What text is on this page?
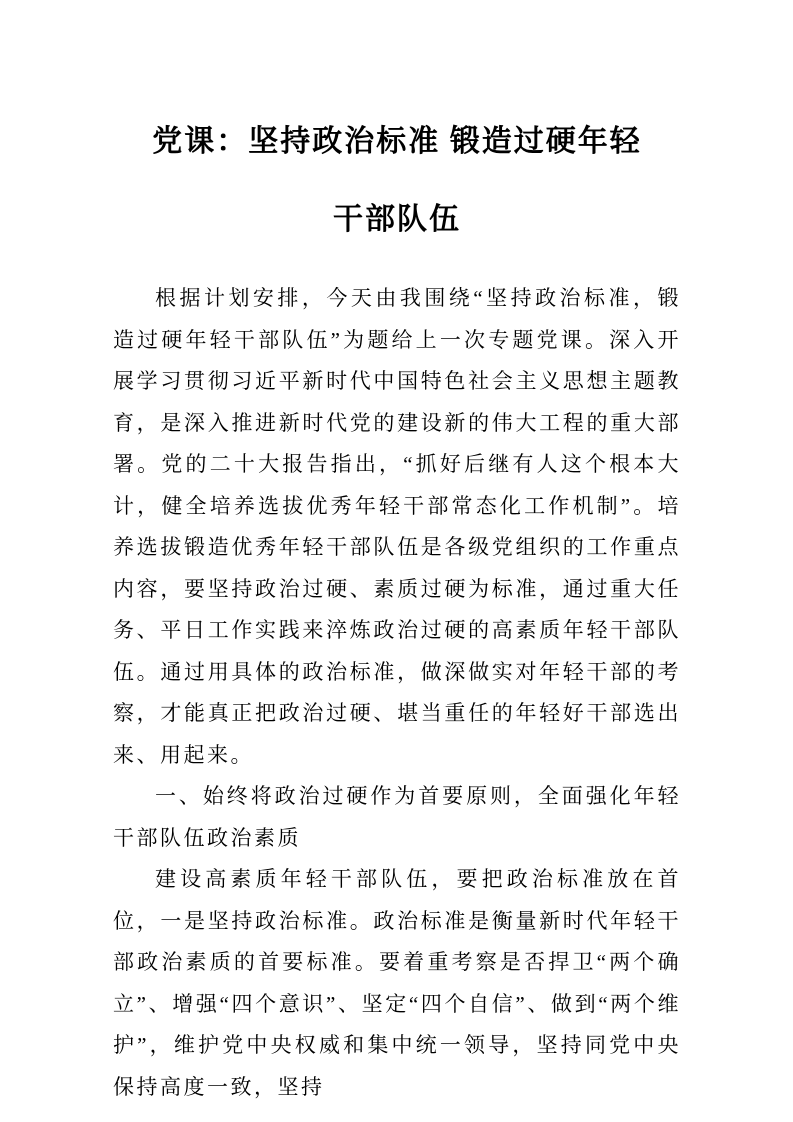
党课：坚持政治标准 锻造过硬年轻
干部队伍

根据计划安排，今天由我围绕“坚持政治标准，锻造过硬年轻干部队伍”为题给上一次专题党课。深入开展学习贯彻习近平新时代中国特色社会主义思想主题教育，是深入推进新时代党的建设新的伟大工程的重大部署。党的二十大报告指出，“抓好后继有人这个根本大计，健全培养选拔优秀年轻干部常态化工作机制”。培养选拔锻造优秀年轻干部队伍是各级党组织的工作重点内容，要坚持政治过硬、素质过硬为标准，通过重大任务、平日工作实践来淬炼政治过硬的高素质年轻干部队伍。通过用具体的政治标准，做深做实对年轻干部的考察，才能真正把政治过硬、堪当重任的年轻好干部选出来、用起来。

一、始终将政治过硬作为首要原则，全面强化年轻干部队伍政治素质

建设高素质年轻干部队伍，要把政治标准放在首位，一是坚持政治标准。政治标准是衡量新时代年轻干部政治素质的首要标准。要着重考察是否捍卫“两个确立”、增强“四个意识”、坚定“四个自信”、做到“两个维护”，维护党中央权威和集中统一领导，坚持同党中央保持高度一致，坚持
